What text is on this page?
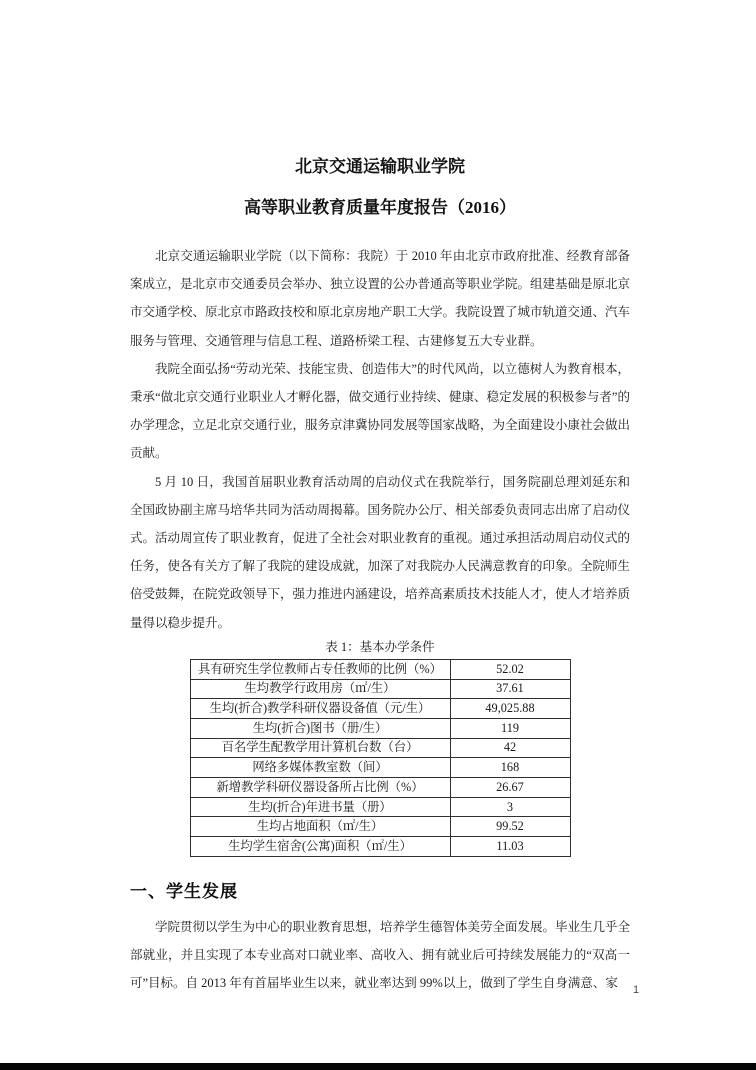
北京交通运输职业学院
高等职业教育质量年度报告（2016）

北京交通运输职业学院（以下简称：我院）于 2010 年由北京市政府批准、经教育部备案成立，是北京市交通委员会举办、独立设置的公办普通高等职业学院。组建基础是原北京市交通学校、原北京市路政技校和原北京房地产职工大学。我院设置了城市轨道交通、汽车服务与管理、交通管理与信息工程、道路桥梁工程、古建修复五大专业群。

我院全面弘扬“劳动光荣、技能宝贵、创造伟大”的时代风尚，以立德树人为教育根本，秉承“做北京交通行业职业人才孵化器，做交通行业持续、健康、稳定发展的积极参与者”的办学理念，立足北京交通行业，服务京津冀协同发展等国家战略，为全面建设小康社会做出贡献。

5 月 10 日，我国首届职业教育活动周的启动仪式在我院举行，国务院副总理刘延东和全国政协副主席马培华共同为活动周揭幕。国务院办公厅、相关部委负责同志出席了启动仪式。活动周宣传了职业教育，促进了全社会对职业教育的重视。通过承担活动周启动仪式的任务，使各有关方了解了我院的建设成就，加深了对我院办人民满意教育的印象。全院师生倍受鼓舞，在院党政领导下，强力推进内涵建设，培养高素质技术技能人才，使人才培养质量得以稳步提升。

表 1：基本办学条件

具有研究生学位教师占专任教师的比例（%）	52.02
生均教学行政用房（㎡/生）	37.61
生均(折合)教学科研仪器设备值（元/生）	49,025.88
生均(折合)图书（册/生）	119
百名学生配教学用计算机台数（台）	42
网络多媒体教室数（间）	168
新增教学科研仪器设备所占比例（%）	26.67
生均(折合)年进书量（册）	3
生均占地面积（㎡/生）	99.52
生均学生宿舍(公寓)面积（㎡/生）	11.03
一、学生发展

学院贯彻以学生为中心的职业教育思想，培养学生德智体美劳全面发展。毕业生几乎全部就业，并且实现了本专业高对口就业率、高收入、拥有就业后可持续发展能力的“双高一可”目标。自 2013 年有首届毕业生以来，就业率达到 99%以上，做到了学生自身满意、家	1
